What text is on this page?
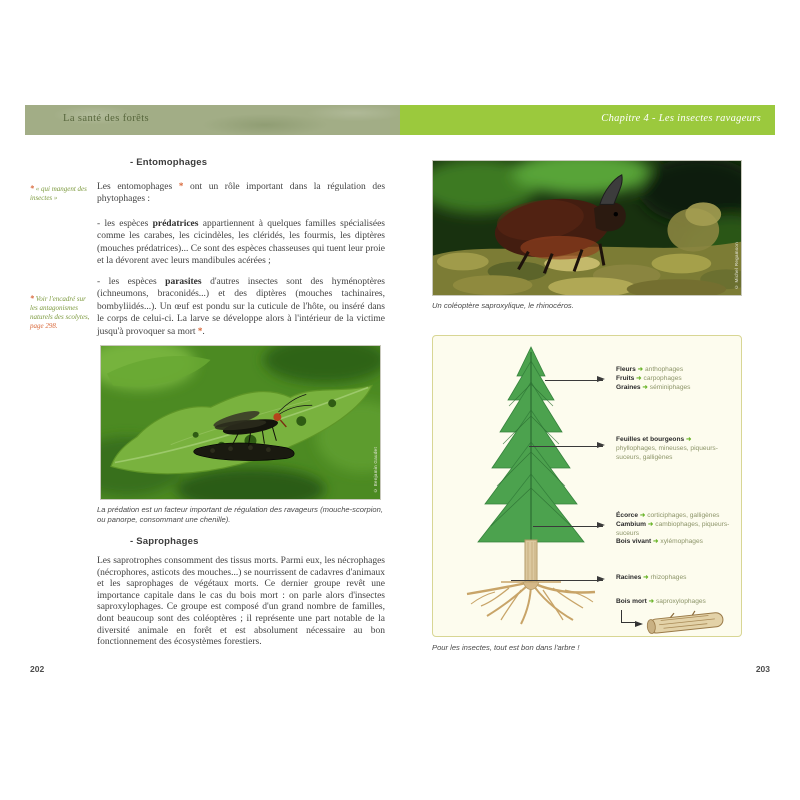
La santé des forêts	Chapitre 4 - Les insectes ravageurs
- Entomophages
* « qui mangent des insectes »
Les entomophages * ont un rôle important dans la régulation des phytophages :
- les espèces prédatrices appartiennent à quelques familles spécialisées comme les carabes, les cicindèles, les cléridés, les fourmis, les diptères (mouches prédatrices)... Ce sont des espèces chasseuses qui tuent leur proie et la dévorent avec leurs mandibules acérées ;
* Voir l'encadré sur les antagonismes naturels des scolytes, page 298.
- les espèces parasites d'autres insectes sont des hyménoptères (ichneumons, braconidés...) et des diptères (mouches tachinaires, bombyliidés...). Un œuf est pondu sur la cuticule de l'hôte, ou inséré dans le corps de celui-ci. La larve se développe alors à l'intérieur de la victime jusqu'à provoquer sa mort *.
© Benjamin Gaudet
La prédation est un facteur important de régulation des ravageurs (mouche-scorpion, ou panorpe, consommant une chenille).
- Saprophages
Les saprotrophes consomment des tissus morts. Parmi eux, les nécrophages (nécrophores, asticots des mouches...) se nourrissent de cadavres d'animaux et les saprophages de végétaux morts. Ce dernier groupe revêt une importance capitale dans le cas du bois mort : on parle alors d'insectes saproxylophages. Ce groupe est composé d'un grand nombre de familles, dont beaucoup sont des coléoptères ; il représente une part notable de la diversité animale en forêt et est absolument nécessaire au bon fonctionnement des écosystèmes forestiers.
202
© Michel Regamson
Un coléoptère saproxylique, le rhinocéros.
Fleurs ➜ anthophages
Fruits ➜ carpophages
Graines ➜ séminiphages
Feuilles et bourgeons ➜ phyllophages, mineuses, piqueurs-suceurs, galligènes
Écorce ➜ corticiphages, galligènes
Cambium ➜ cambiophages, piqueurs-suceurs
Bois vivant ➜ xylémophages
Racines ➜ rhizophages
Bois mort ➜ saproxylophages
Pour les insectes, tout est bon dans l'arbre !
203
